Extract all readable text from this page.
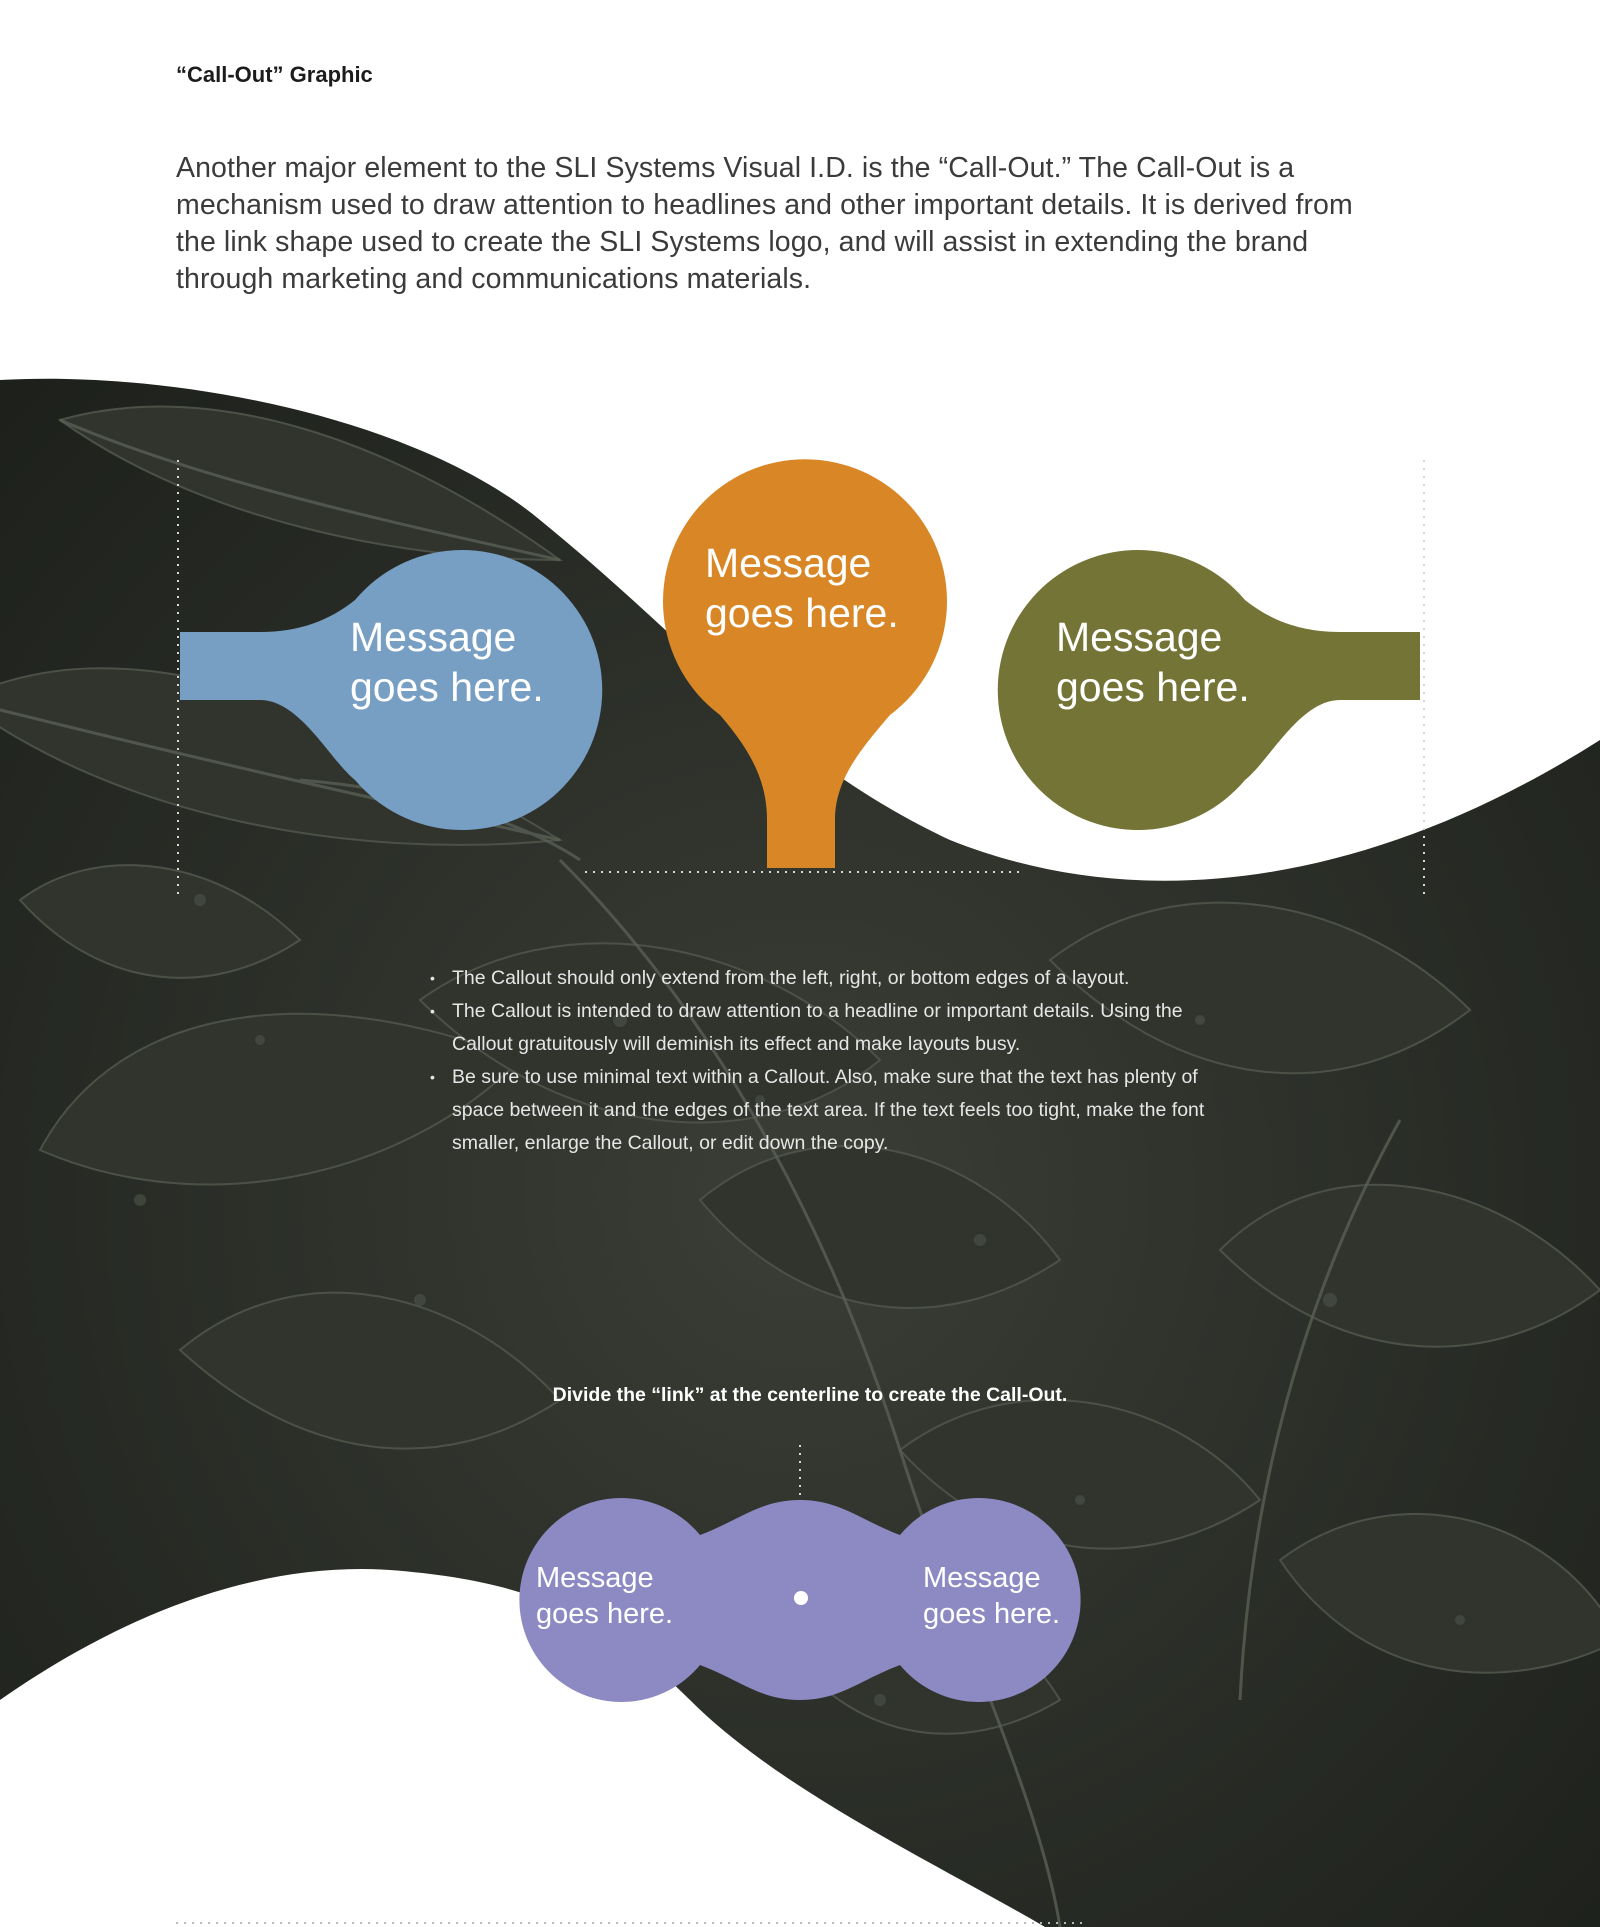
“Call-Out” Graphic
Another major element to the SLI Systems Visual I.D. is the “Call-Out.” The Call-Out is a mechanism used to draw attention to headlines and other important details. It is derived from the link shape used to create the SLI Systems logo, and will assist in extending the brand through marketing and communications materials.
Message
goes here.
Message
goes here.
Message
goes here.
• The Callout should only extend from the left, right, or bottom edges of a layout.
• The Callout is intended to draw attention to a headline or important details. Using the Callout gratuitously will deminish its effect and make layouts busy.
• Be sure to use minimal text within a Callout. Also, make sure that the text has plenty of space between it and the edges of the text area. If the text feels too tight, make the font smaller, enlarge the Callout, or edit down the copy.
Divide the “link” at the centerline to create the Call-Out.
Message
goes here.
Message
goes here.
